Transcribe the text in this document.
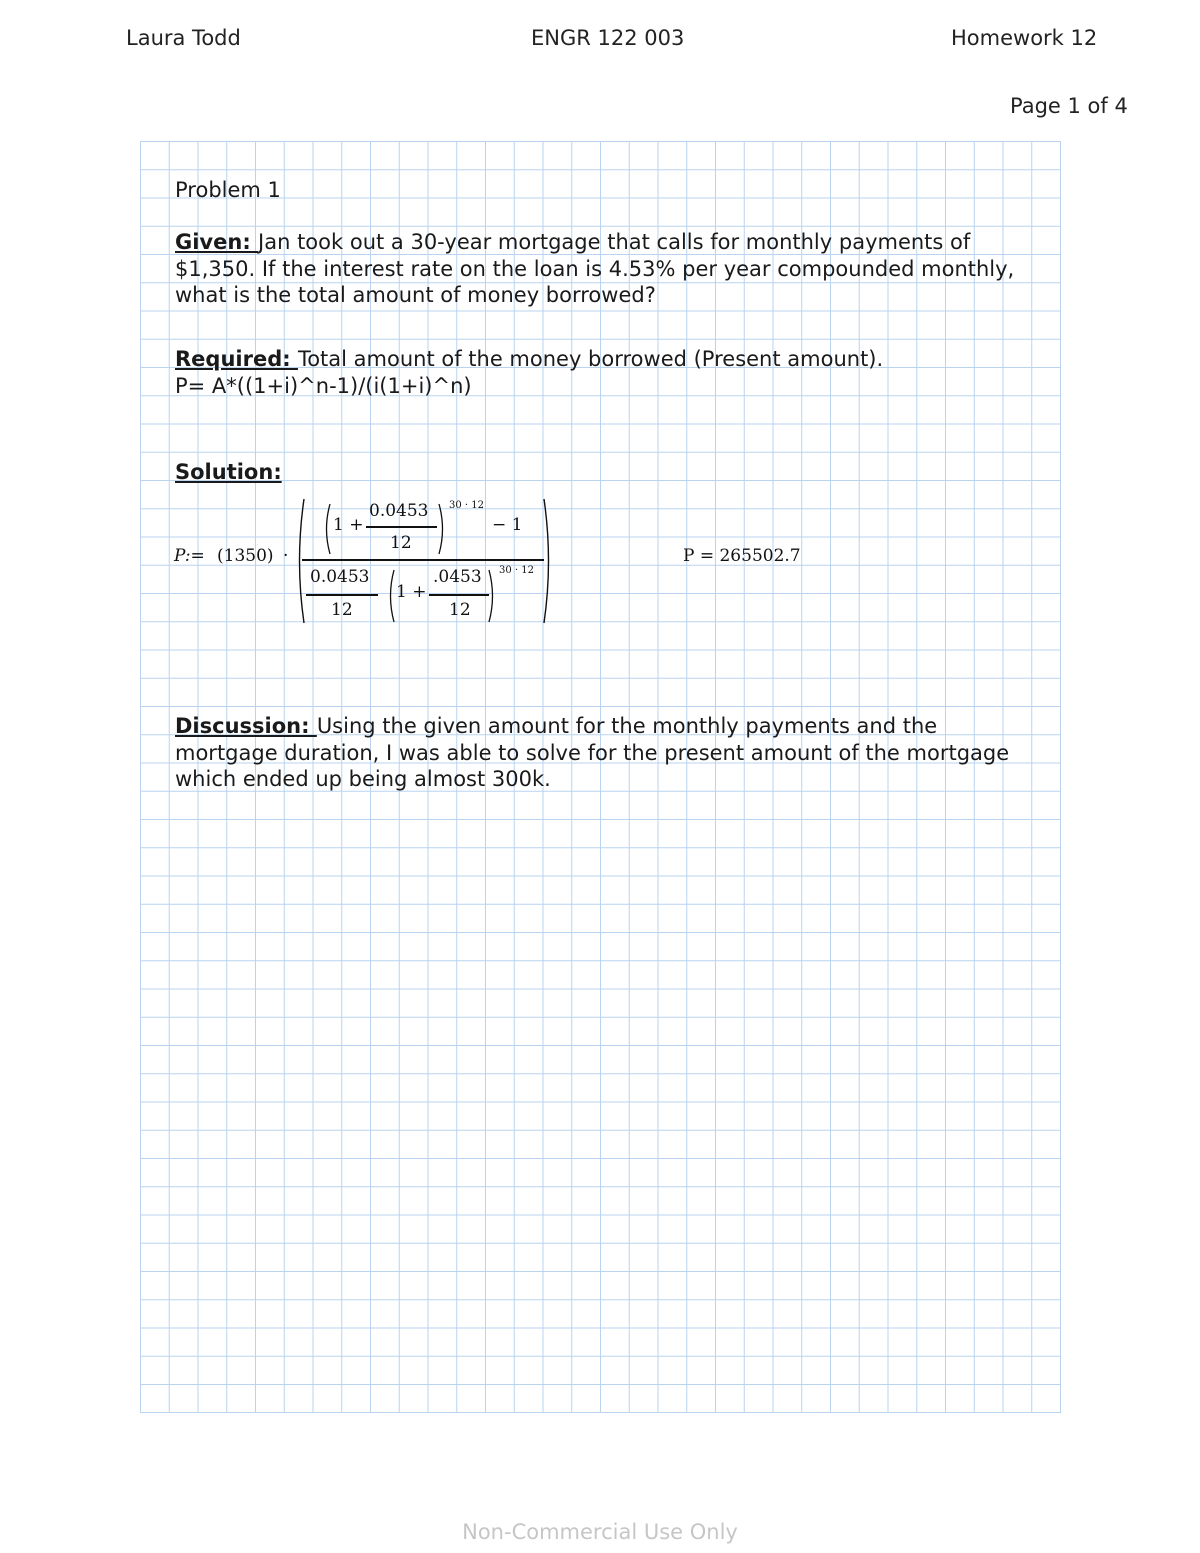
Laura Todd	ENGR 122 003	Homework 12
Page 1 of 4
Problem 1
Given: Jan took out a 30-year mortgage that calls for monthly payments of $1,350. If the interest rate on the loan is 4.53% per year compounded monthly, what is the total amount of money borrowed?
Required: Total amount of the money borrowed (Present amount).
P= A*((1+i)^n-1)/(i(1+i)^n)
Solution:
P:= (1350) ·
1 +
0.0453
12
30 · 12
− 1
0.0453
12
1 +
.0453
12
30 · 12
P = 265502.7
Discussion: Using the given amount for the monthly payments and the mortgage duration, I was able to solve for the present amount of the mortgage which ended up being almost 300k.
Non-Commercial Use Only
